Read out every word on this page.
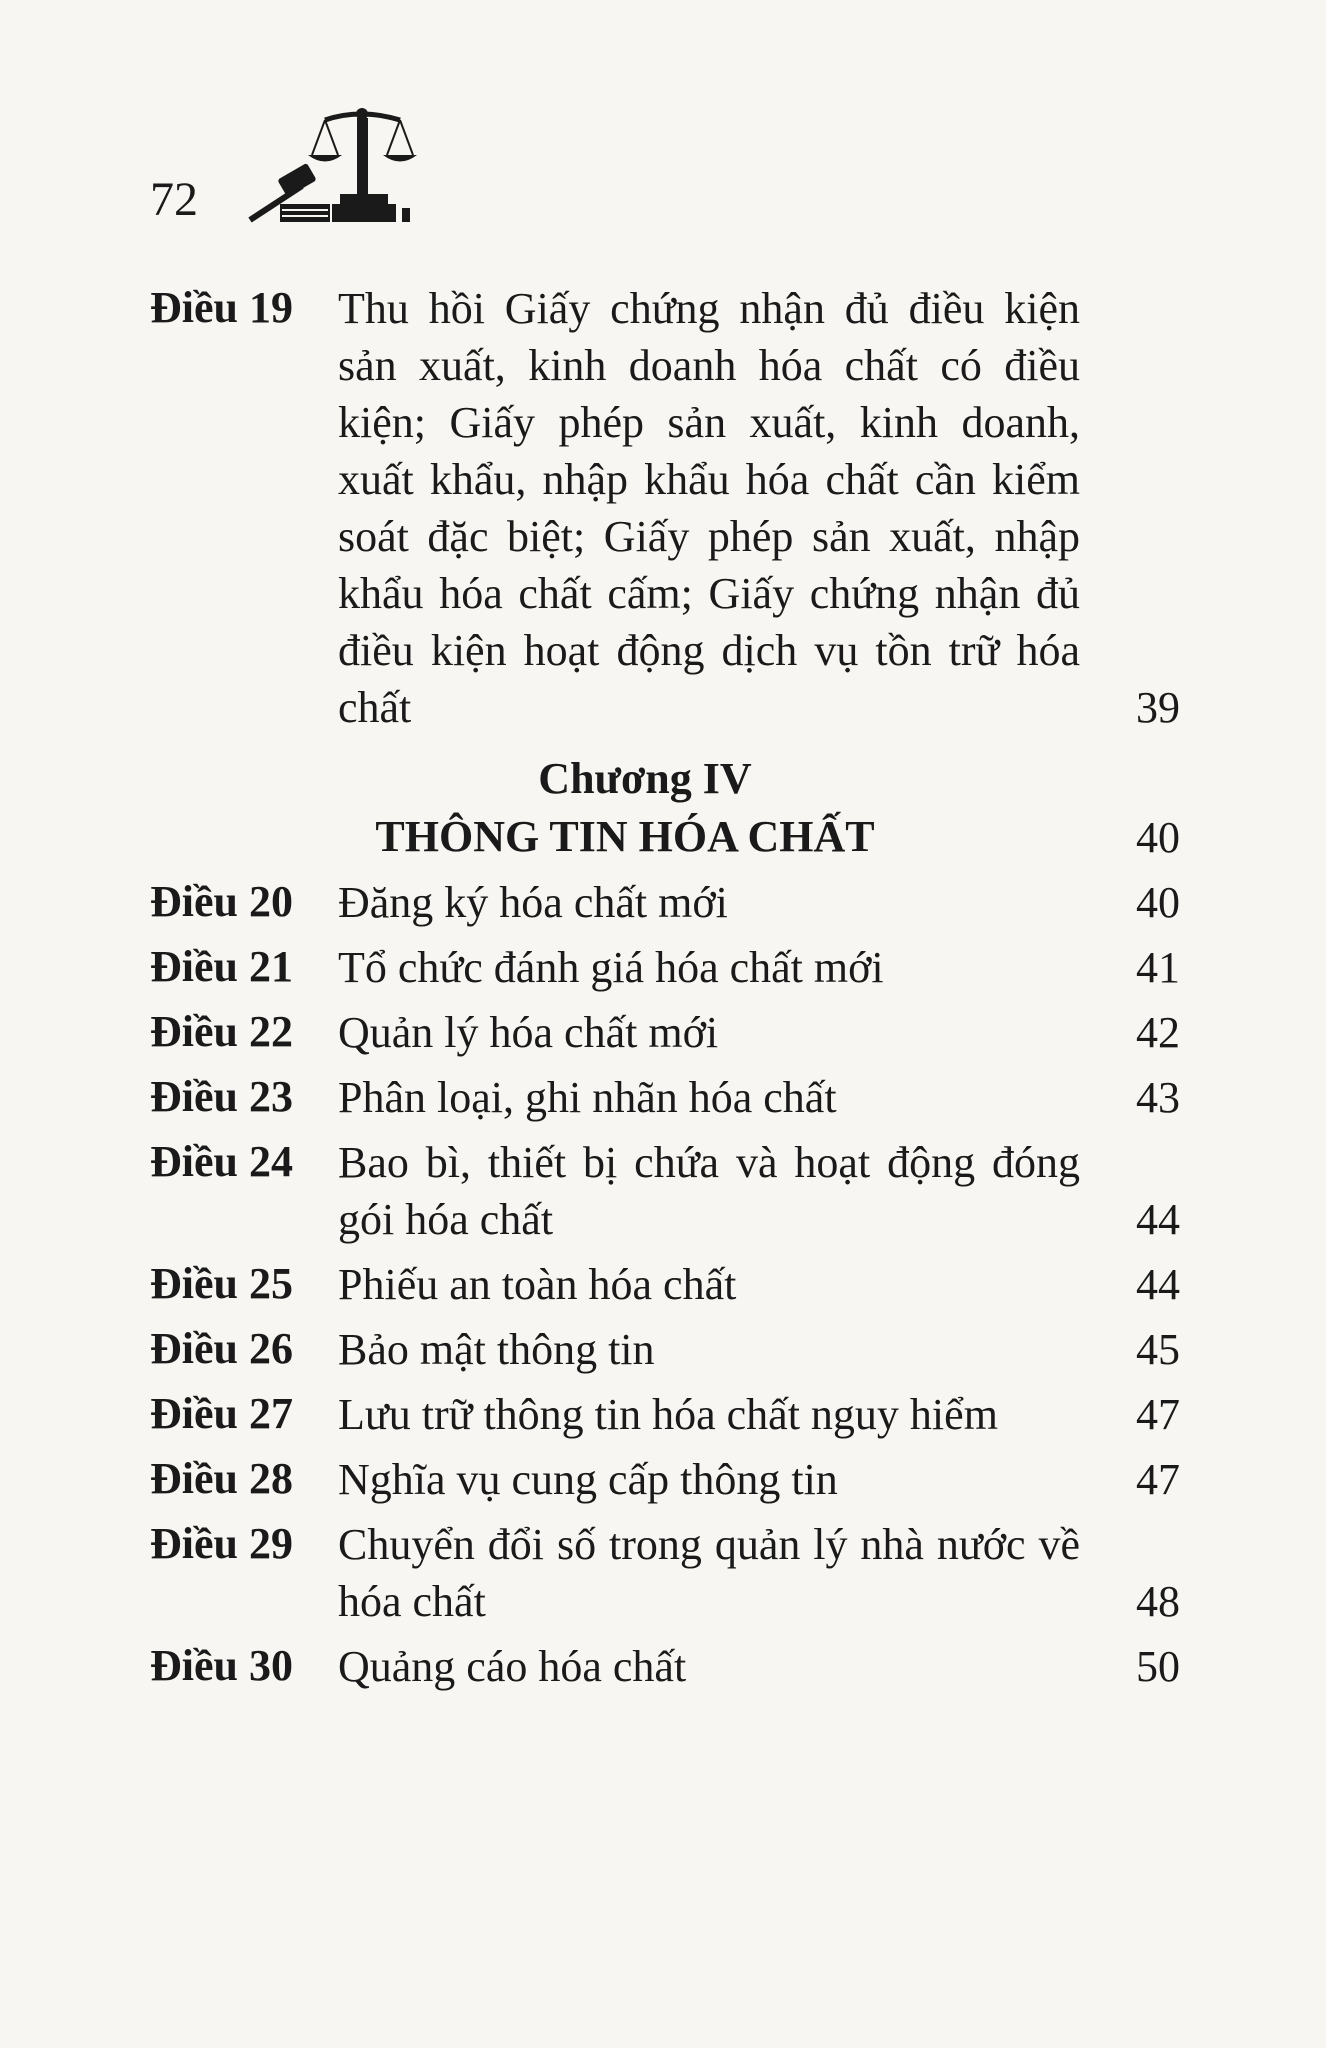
72
Điều 19	Thu hồi Giấy chứng nhận đủ điều kiện sản xuất, kinh doanh hóa chất có điều kiện; Giấy phép sản xuất, kinh doanh, xuất khẩu, nhập khẩu hóa chất cần kiểm soát đặc biệt; Giấy phép sản xuất, nhập khẩu hóa chất cấm; Giấy chứng nhận đủ điều kiện hoạt động dịch vụ tồn trữ hóa chất	39
Chương IV
THÔNG TIN HÓA CHẤT	40
Điều 20	Đăng ký hóa chất mới	40
Điều 21	Tổ chức đánh giá hóa chất mới	41
Điều 22	Quản lý hóa chất mới	42
Điều 23	Phân loại, ghi nhãn hóa chất	43
Điều 24	Bao bì, thiết bị chứa và hoạt động đóng gói hóa chất	44
Điều 25	Phiếu an toàn hóa chất	44
Điều 26	Bảo mật thông tin	45
Điều 27	Lưu trữ thông tin hóa chất nguy hiểm	47
Điều 28	Nghĩa vụ cung cấp thông tin	47
Điều 29	Chuyển đổi số trong quản lý nhà nước về hóa chất	48
Điều 30	Quảng cáo hóa chất	50
